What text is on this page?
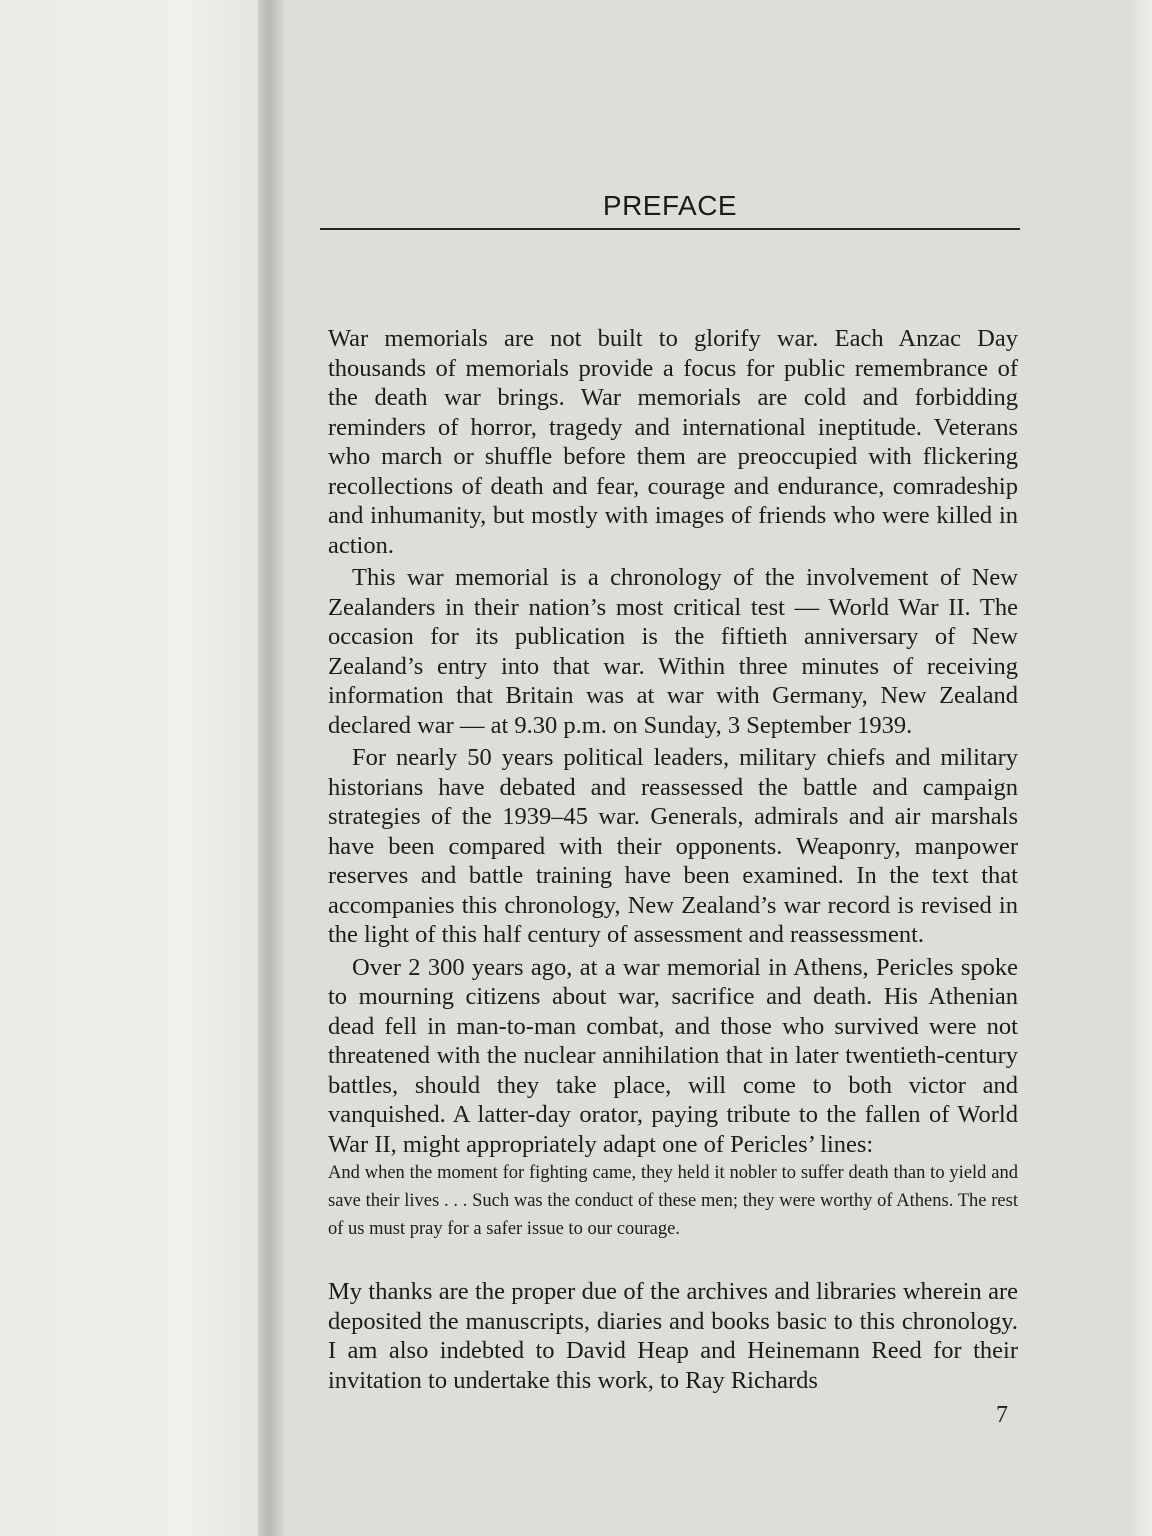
PREFACE

War memorials are not built to glorify war. Each Anzac Day thousands of memorials provide a focus for public remembrance of the death war brings. War memorials are cold and forbidding reminders of horror, tragedy and international ineptitude. Veterans who march or shuffle before them are preoccupied with flickering recollections of death and fear, courage and endurance, comradeship and inhumanity, but mostly with images of friends who were killed in action.

This war memorial is a chronology of the involvement of New Zealanders in their nation’s most critical test — World War II. The occasion for its publication is the fiftieth anniversary of New Zealand’s entry into that war. Within three minutes of receiving information that Britain was at war with Germany, New Zealand declared war — at 9.30 p.m. on Sunday, 3 September 1939.

For nearly 50 years political leaders, military chiefs and military historians have debated and reassessed the battle and campaign strategies of the 1939–45 war. Generals, admirals and air marshals have been compared with their opponents. Weaponry, manpower reserves and battle training have been examined. In the text that accompanies this chronology, New Zealand’s war record is revised in the light of this half century of assessment and reassessment.

Over 2 300 years ago, at a war memorial in Athens, Pericles spoke to mourning citizens about war, sacrifice and death. His Athenian dead fell in man-to-man combat, and those who survived were not threatened with the nuclear annihilation that in later twentieth-century battles, should they take place, will come to both victor and vanquished. A latter-day orator, paying tribute to the fallen of World War II, might appropriately adapt one of Pericles’ lines:

And when the moment for fighting came, they held it nobler to suffer death than to yield and save their lives . . . Such was the conduct of these men; they were worthy of Athens. The rest of us must pray for a safer issue to our courage.

My thanks are the proper due of the archives and libraries wherein are deposited the manuscripts, diaries and books basic to this chronology. I am also indebted to David Heap and Heinemann Reed for their invitation to undertake this work, to Ray Richards

7
